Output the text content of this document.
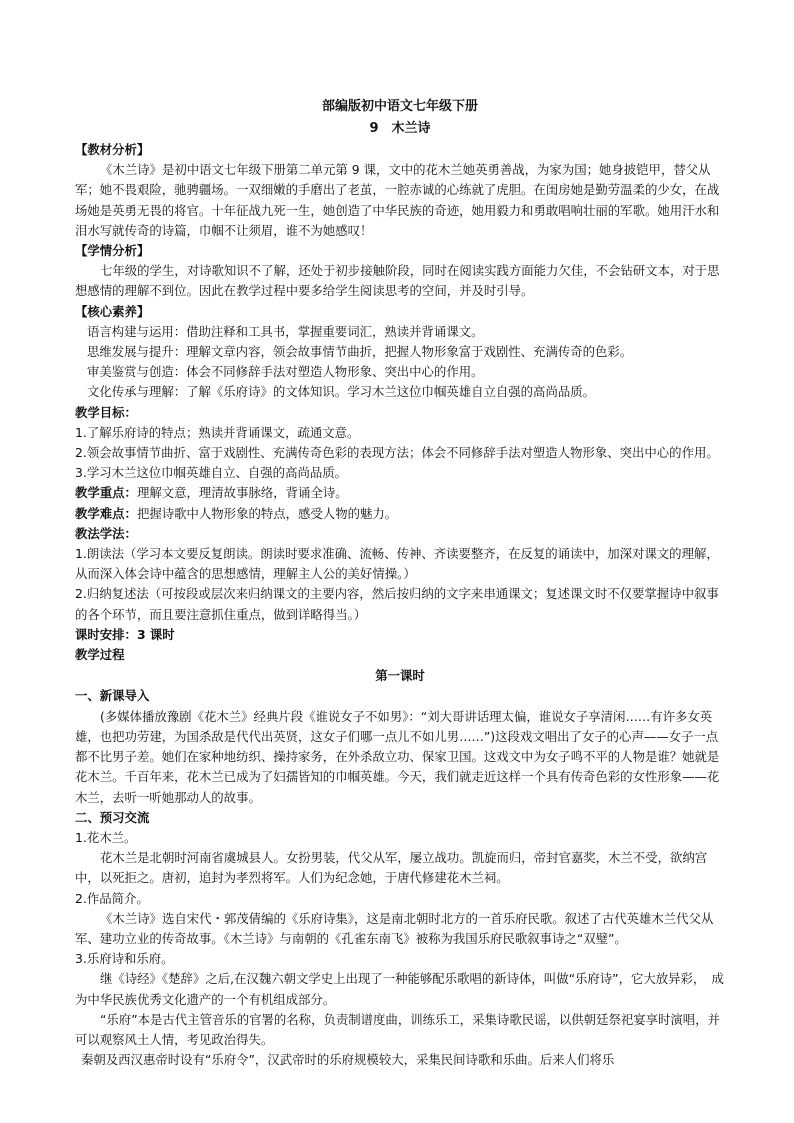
部编版初中语文七年级下册

9　木兰诗

【教材分析】

《木兰诗》是初中语文七年级下册第二单元第 9 课，文中的花木兰她英勇善战，为家为国；她身披铠甲，替父从军；她不畏艰险，驰骋疆场。一双细嫩的手磨出了老茧，一腔赤诚的心练就了虎胆。在闺房她是勤劳温柔的少女，在战场她是英勇无畏的将官。十年征战九死一生，她创造了中华民族的奇迹，她用毅力和勇敢唱响壮丽的军歌。她用汗水和泪水写就传奇的诗篇，巾帼不让须眉，谁不为她感叹！

【学情分析】

七年级的学生，对诗歌知识不了解，还处于初步接触阶段，同时在阅读实践方面能力欠佳，不会钻研文本，对于思想感情的理解不到位。因此在教学过程中要多给学生阅读思考的空间，并及时引导。

【核心素养】

语言构建与运用：借助注释和工具书，掌握重要词汇，熟读并背诵课文。

思维发展与提升：理解文章内容，领会故事情节曲折，把握人物形象富于戏剧性、充满传奇的色彩。

审美鉴赏与创造：体会不同修辞手法对塑造人物形象、突出中心的作用。

文化传承与理解：了解《乐府诗》的文体知识。学习木兰这位巾帼英雄自立自强的高尚品质。

教学目标：

1.了解乐府诗的特点；熟读并背诵课文，疏通文意。

2.领会故事情节曲折、富于戏剧性、充满传奇色彩的表现方法；体会不同修辞手法对塑造人物形象、突出中心的作用。

3.学习木兰这位巾帼英雄自立、自强的高尚品质。

教学重点：理解文意，理清故事脉络，背诵全诗。

教学难点：把握诗歌中人物形象的特点，感受人物的魅力。

教法学法：

1.朗读法（学习本文要反复朗读。朗读时要求准确、流畅、传神、齐读要整齐，在反复的诵读中，加深对课文的理解，从而深入体会诗中蕴含的思想感情，理解主人公的美好情操。）

2.归纳复述法（可按段或层次来归纳课文的主要内容，然后按归纳的文字来串通课文；复述课文时不仅要掌握诗中叙事的各个环节，而且要注意抓住重点，做到详略得当。）

课时安排：3 课时

教学过程

第一课时

一、新课导入

(多媒体播放豫剧《花木兰》经典片段《谁说女子不如男》：“刘大哥讲话理太偏，谁说女子享清闲……有许多女英雄，也把功劳建，为国杀敌是代代出英贤，这女子们哪一点儿不如儿男……”)这段戏文唱出了女子的心声——女子一点都不比男子差。她们在家种地纺织、操持家务，在外杀敌立功、保家卫国。这戏文中为女子鸣不平的人物是谁？她就是花木兰。千百年来，花木兰已成为了妇孺皆知的巾帼英雄。今天，我们就走近这样一个具有传奇色彩的女性形象——花木兰，去听一听她那动人的故事。

二、预习交流

1.花木兰。

花木兰是北朝时河南省虞城县人。女扮男装，代父从军，屡立战功。凯旋而归，帝封官嘉奖，木兰不受，欲纳宫中，以死拒之。唐初，追封为孝烈将军。人们为纪念她，于唐代修建花木兰祠。

2.作品简介。

《木兰诗》选自宋代・郭茂倩编的《乐府诗集》，这是南北朝时北方的一首乐府民歌。叙述了古代英雄木兰代父从军、建功立业的传奇故事。《木兰诗》与南朝的《孔雀东南飞》被称为我国乐府民歌叙事诗之“双璧”。

3.乐府诗和乐府。

继《诗经》《楚辞》之后,在汉魏六朝文学史上出现了一种能够配乐歌唱的新诗体，叫做“乐府诗”，它大放异彩，　成为中华民族优秀文化遗产的一个有机组成部分。

“乐府”本是古代主管音乐的官署的名称，负责制谱度曲，训练乐工，采集诗歌民谣，以供朝廷祭祀宴享时演唱，并可以观察风土人情，考见政治得失。

秦朝及西汉惠帝时设有“乐府令”，汉武帝时的乐府规模较大，采集民间诗歌和乐曲。后来人们将乐
